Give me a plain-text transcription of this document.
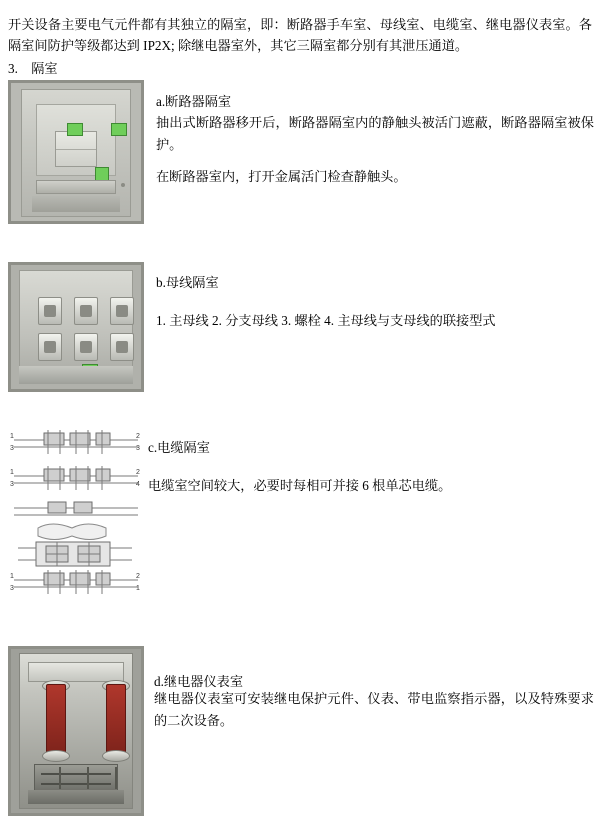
开关设备主要电气元件都有其独立的隔室，即：断路器手车室、母线室、电缆室、继电器仪表室。各隔室间防护等级都达到 IP2X; 除继电器室外，其它三隔室都分别有其泄压通道。
3. 隔室
a.断路器隔室
抽出式断路器移开后，断路器隔室内的静触头被活门遮蔽，断路器隔室被保护。
在断路器室内，打开金属活门检查静触头。
b.母线隔室
1. 主母线 2. 分支母线 3. 螺栓 4. 主母线与支母线的联接型式
1
3
2
3
1
3
2
4
1
3
2
1
c.电缆隔室
电缆室空间较大，必要时每相可并接 6 根单芯电缆。
d.继电器仪表室
继电器仪表室可安装继电保护元件、仪表、带电监察指示器，以及特殊要求的二次设备。
